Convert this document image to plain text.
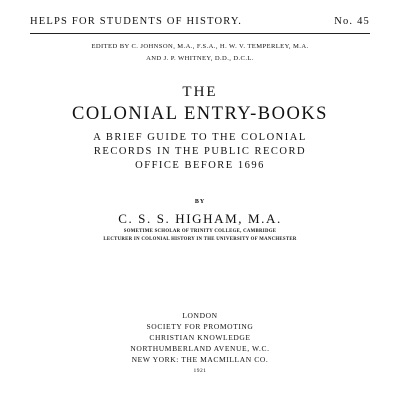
HELPS FOR STUDENTS OF HISTORY.	No. 45
EDITED BY C. JOHNSON, M.A., F.S.A., H. W. V. TEMPERLEY, M.A.
AND J. P. WHITNEY, D.D., D.C.L.
THE
COLONIAL ENTRY-BOOKS
A BRIEF GUIDE TO THE COLONIAL
RECORDS IN THE PUBLIC RECORD
OFFICE BEFORE 1696
BY
C. S. S. HIGHAM, M.A.
SOMETIME SCHOLAR OF TRINITY COLLEGE, CAMBRIDGE
LECTURER IN COLONIAL HISTORY IN THE UNIVERSITY OF MANCHESTER
LONDON
SOCIETY FOR PROMOTING
CHRISTIAN KNOWLEDGE
NORTHUMBERLAND AVENUE, W.C.
NEW YORK: THE MACMILLAN CO.
1921
